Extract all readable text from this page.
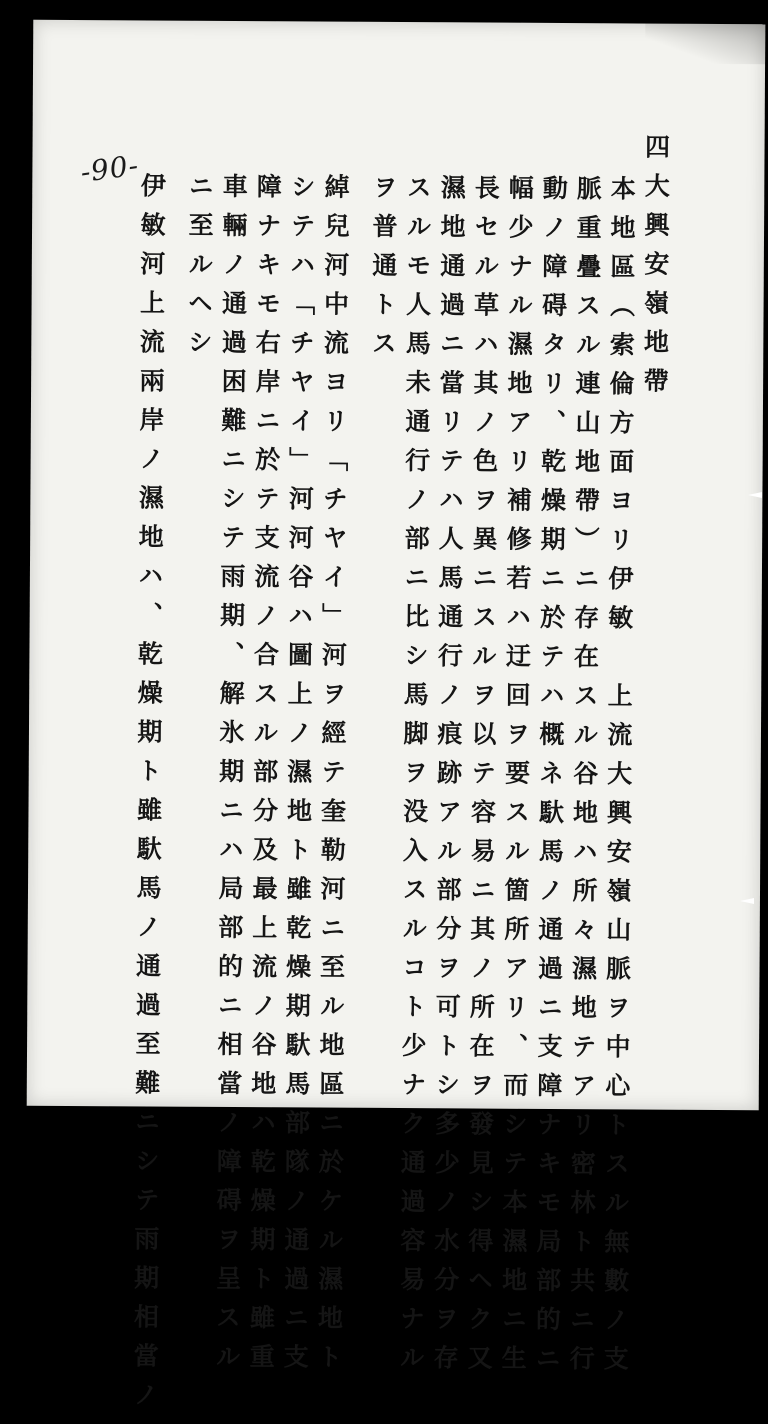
-90-	四大興安嶺地帶
本地區（索倫方面ヨリ伊敏　上流大興安嶺山脈ヲ中心トスル無數ノ支
脈重疊スル連山地帶）ニ存在スル谷地ハ所々濕地テアリ密林ト共ニ行
動ノ障碍タリ、乾燥期ニ於テハ概ネ馱馬ノ通過ニ支障ナキモ局部的ニ
幅少ナル濕地アリ補修若ハ迂回ヲ要スル箇所アリ、而シテ本濕地ニ生
長セル草ハ其ノ色ヲ異ニスルヲ以テ容易ニ其ノ所在ヲ發見シ得ヘク又
濕地通過ニ當リテハ人馬通行ノ痕跡アル部分ヲ可トシ多少ノ水分ヲ存
スルモ人馬未通行ノ部ニ比シ馬脚ヲ没入スルコト少ナク通過容易ナル
ヲ普通トス
綽兒河中流ヨリ「チヤイ」河ヲ經テ奎勒河ニ至ル地區ニ於ケル濕地ト
シテハ「チヤイ」河河谷ハ圖上ノ濕地ト雖乾燥期馱馬部隊ノ通過ニ支
障ナキモ右岸ニ於テ支流ノ合スル部分及最上流ノ谷地ハ乾燥期ト雖重
車輛ノ通過困難ニシテ雨期、解氷期ニハ局部的ニ相當ノ障碍ヲ呈スル
ニ至ルヘシ
伊敏河上流兩岸ノ濕地ハ、乾燥期ト雖馱馬ノ通過至難ニシテ雨期相當ノ
